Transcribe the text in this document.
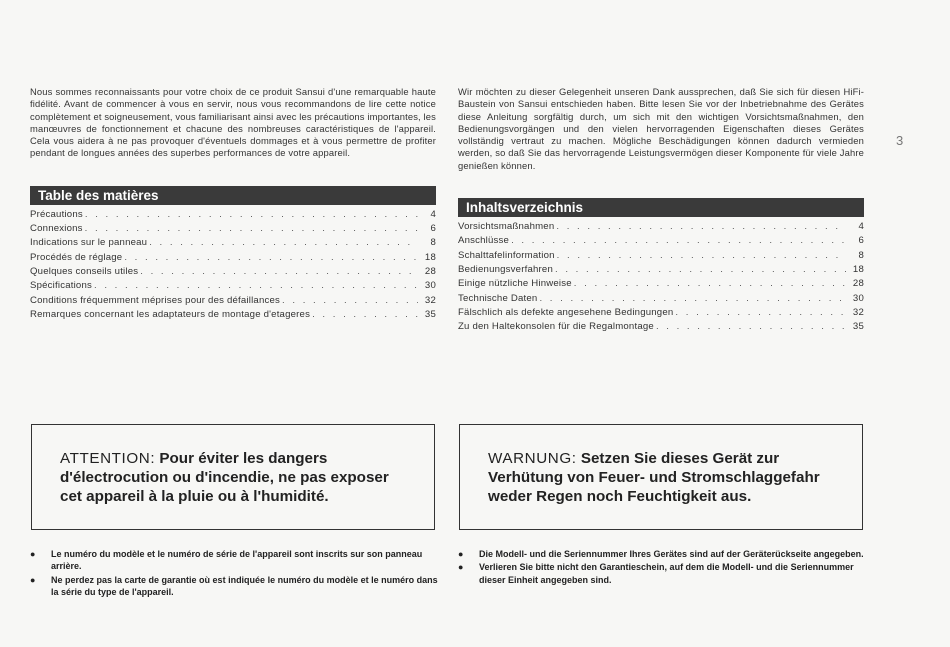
Nous sommes reconnaissants pour votre choix de ce produit Sansui d'une remarquable haute fidélité. Avant de commencer à vous en servir, nous vous recommandons de lire cette notice complètement et soigneusement, vous familiarisant ainsi avec les précautions importantes, les manœuvres de fonctionnement et chacune des nombreuses caractéristiques de l'appareil. Cela vous aidera à ne pas provoquer d'éventuels dommages et à vous permettre de profiter pendant de longues années des superbes performances de votre appareil.

Table des matières
Précautions . . .	4
Connexions . . .	6
Indications sur le panneau . . .	8
Procédés de réglage . . .	18
Quelques conseils utiles . . .	28
Spécifications . . .	30
Conditions fréquemment méprises pour des défaillances . . .	32
Remarques concernant les adaptateurs de montage d'etageres . . .	35

Wir möchten zu dieser Gelegenheit unseren Dank aussprechen, daß Sie sich für diesen HiFi-Baustein von Sansui entschieden haben. Bitte lesen Sie vor der Inbetriebnahme des Gerätes diese Anleitung sorgfältig durch, um sich mit den wichtigen Vorsichtsmaßnahmen, den Bedienungsvorgängen und den vielen hervorragenden Eigenschaften dieses Gerätes vollständig vertraut zu machen. Mögliche Beschädigungen können dadurch vermieden werden, so daß Sie das hervorragende Leistungsvermögen dieser Komponente für viele Jahre genießen können.

Inhaltsverzeichnis
Vorsichtsmaßnahmen . . .	4
Anschlüsse . . .	6
Schalttafelinformation . . .	8
Bedienungsverfahren . . .	18
Einige nützliche Hinweise . . .	28
Technische Daten . . .	30
Fälschlich als defekte angesehene Bedingungen . . .	32
Zu den Haltekonsolen für die Regalmontage . . .	35
3
ATTENTION: Pour éviter les dangers d'électrocution ou d'incendie, ne pas exposer cet appareil à la pluie ou à l'humidité.
WARNUNG: Setzen Sie dieses Gerät zur Verhütung von Feuer- und Stromschlaggefahr weder Regen noch Feuchtigkeit aus.
●	Le numéro du modèle et le numéro de série de l'appareil sont inscrits sur son panneau arrière.
●	Ne perdez pas la carte de garantie où est indiquée le numéro du modèle et le numéro dans la série du type de l'appareil.
●	Die Modell- und die Seriennummer Ihres Gerätes sind auf der Geräterückseite angegeben.
●	Verlieren Sie bitte nicht den Garantieschein, auf dem die Modell- und die Seriennummer dieser Einheit angegeben sind.
